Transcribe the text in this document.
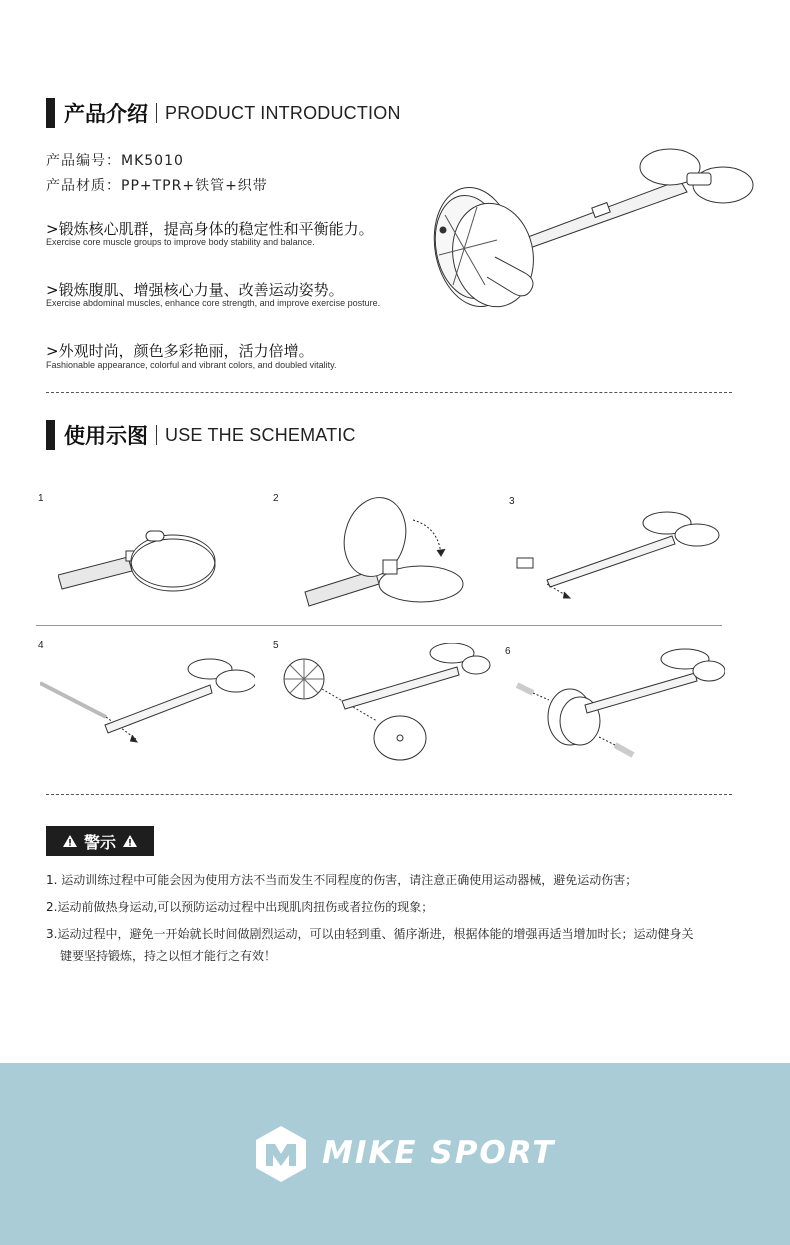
产品介绍 PRODUCT INTRODUCTION
产品编号：MK5010
产品材质：PP+TPR+铁管+织带
>锻炼核心肌群，提高身体的稳定性和平衡能力。
Exercise core muscle groups to improve body stability and balance.
>锻炼腹肌、增强核心力量、改善运动姿势。
Exercise abdominal muscles, enhance core strength, and improve exercise posture.
>外观时尚，颜色多彩艳丽，活力倍增。
Fashionable appearance, colorful and vibrant colors, and doubled vitality.
使用示图 USE THE SCHEMATIC
1	2	3
4	5
6
警示
1. 运动训练过程中可能会因为使用方法不当而发生不同程度的伤害，请注意正确使用运动器械，避免运动伤害；
2.运动前做热身运动,可以预防运动过程中出现肌肉扭伤或者拉伤的现象；
3.运动过程中，避免一开始就长时间做剧烈运动，可以由轻到重、循序渐进，根据体能的增强再适当增加时长；运动健身关
键要坚持锻炼，持之以恒才能行之有效！
MIKE SPORT
